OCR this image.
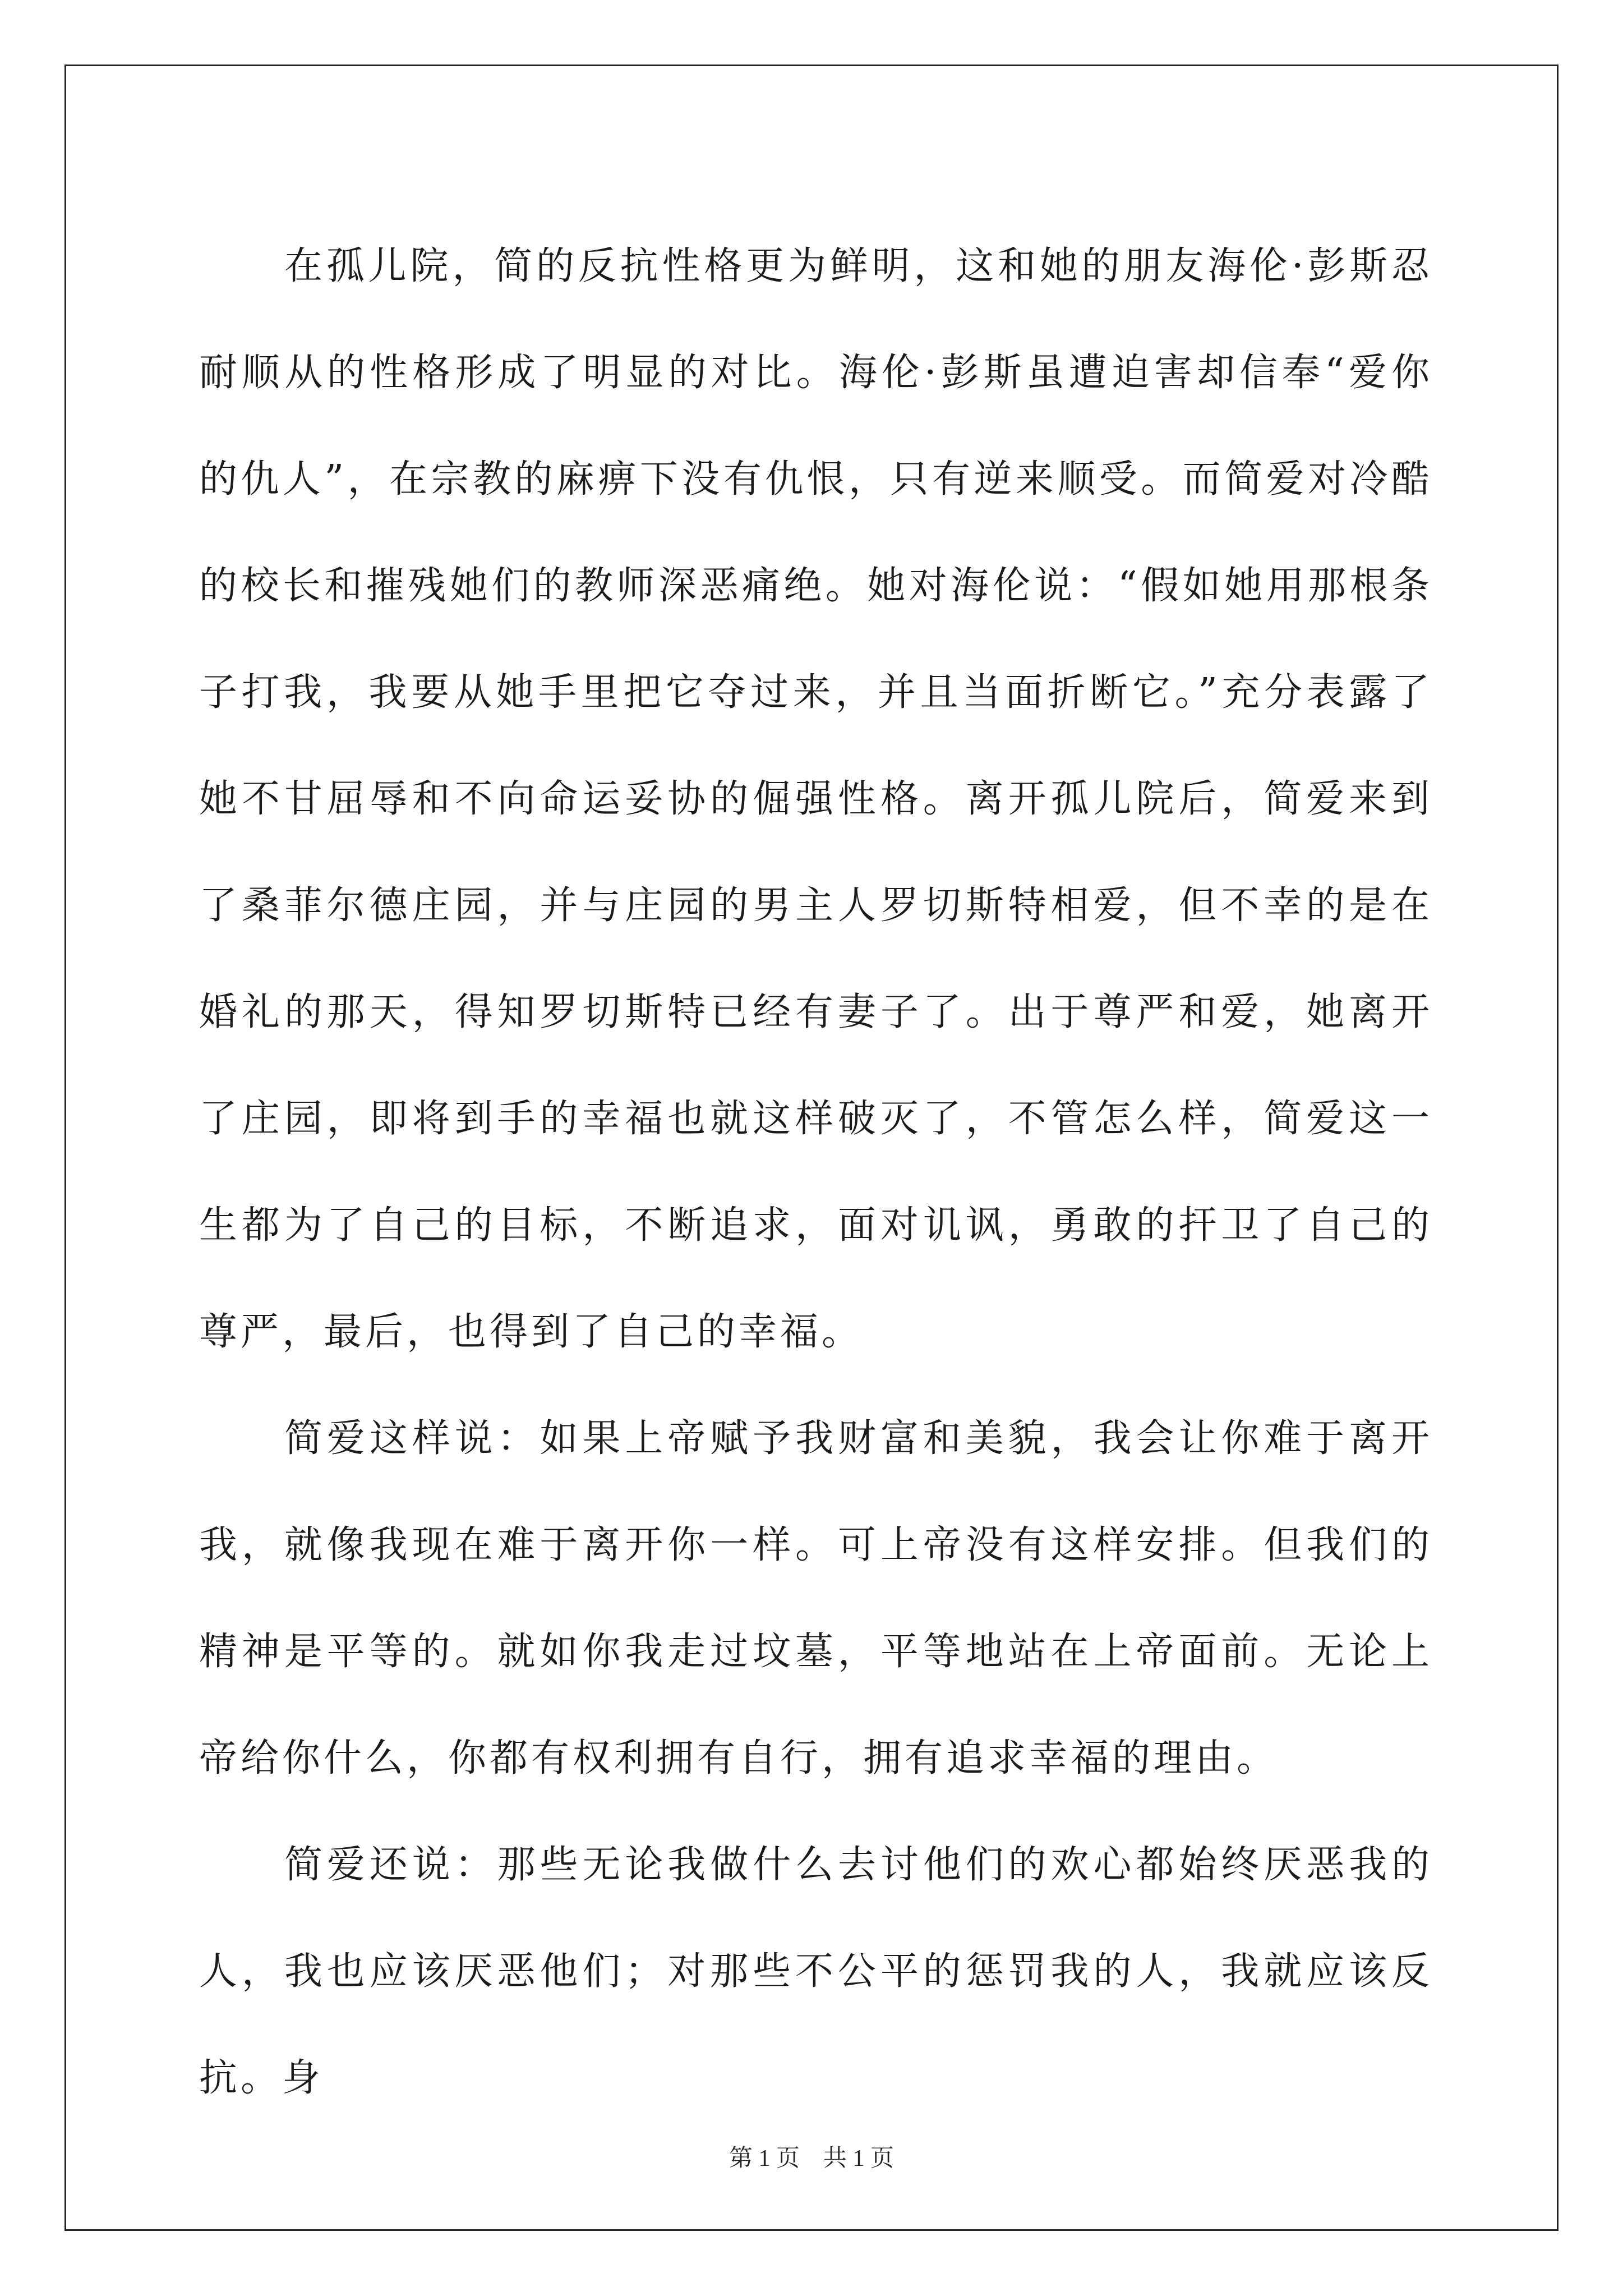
在孤儿院，简的反抗性格更为鲜明，这和她的朋友海伦·彭斯忍耐顺从的性格形成了明显的对比。海伦·彭斯虽遭迫害却信奉“爱你的仇人”，在宗教的麻痹下没有仇恨，只有逆来顺受。而简爱对冷酷的校长和摧残她们的教师深恶痛绝。她对海伦说：“假如她用那根条子打我，我要从她手里把它夺过来，并且当面折断它。”充分表露了她不甘屈辱和不向命运妥协的倔强性格。离开孤儿院后，简爱来到了桑菲尔德庄园，并与庄园的男主人罗切斯特相爱，但不幸的是在婚礼的那天，得知罗切斯特已经有妻子了。出于尊严和爱，她离开了庄园，即将到手的幸福也就这样破灭了，不管怎么样，简爱这一生都为了自己的目标，不断追求，面对讥讽，勇敢的扞卫了自己的尊严，最后，也得到了自己的幸福。

简爱这样说：如果上帝赋予我财富和美貌，我会让你难于离开我，就像我现在难于离开你一样。可上帝没有这样安排。但我们的精神是平等的。就如你我走过坟墓，平等地站在上帝面前。无论上帝给你什么，你都有权利拥有自行，拥有追求幸福的理由。

简爱还说：那些无论我做什么去讨他们的欢心都始终厌恶我的人，我也应该厌恶他们；对那些不公平的惩罚我的人，我就应该反抗。身

第 1 页    共 1 页
